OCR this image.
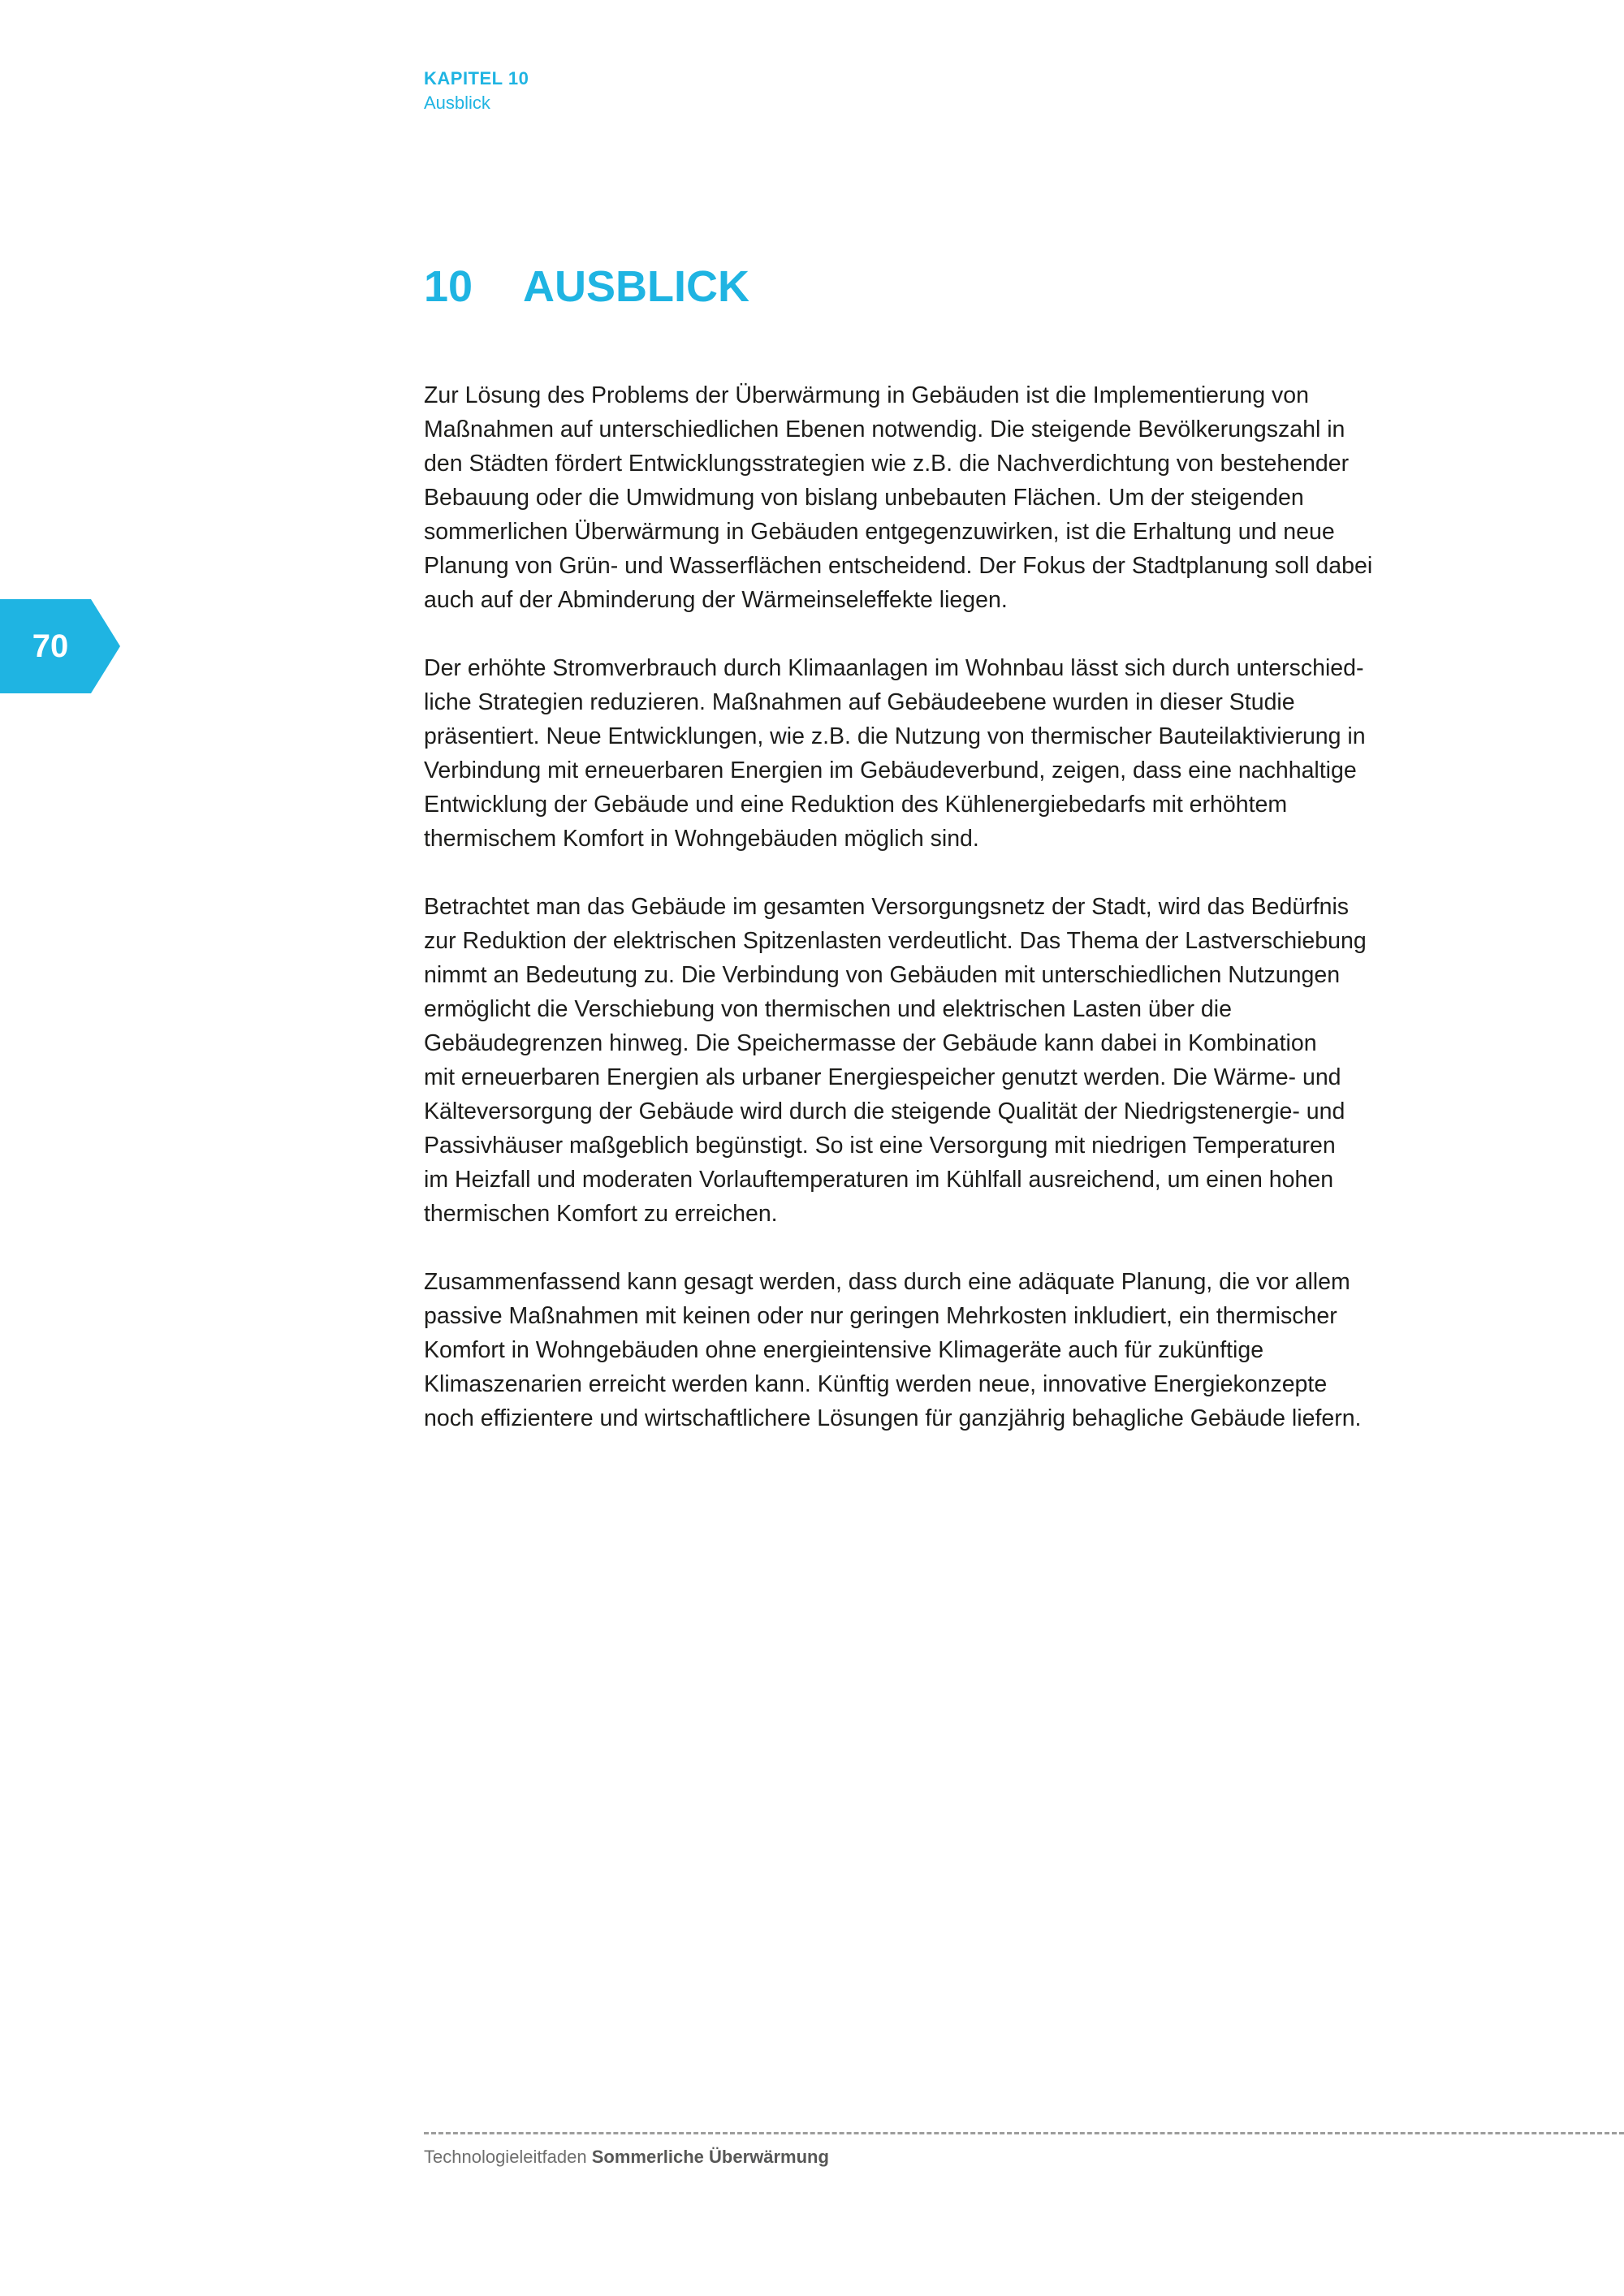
KAPITEL 10
Ausblick
10 AUSBLICK
70

Zur Lösung des Problems der Überwärmung in Gebäuden ist die Implementierung von
Maßnahmen auf unterschiedlichen Ebenen notwendig. Die steigende Bevölkerungszahl in
den Städten fördert Entwicklungsstrategien wie z.B. die Nachverdichtung von bestehender
Bebauung oder die Umwidmung von bislang unbebauten Flächen. Um der steigenden
sommerlichen Überwärmung in Gebäuden entgegenzuwirken, ist die Erhaltung und neue
Planung von Grün- und Wasserflächen entscheidend. Der Fokus der Stadtplanung soll dabei
auch auf der Abminderung der Wärmeinseleffekte liegen.

Der erhöhte Stromverbrauch durch Klimaanlagen im Wohnbau lässt sich durch unterschied-
liche Strategien reduzieren. Maßnahmen auf Gebäudeebene wurden in dieser Studie
präsentiert. Neue Entwicklungen, wie z.B. die Nutzung von thermischer Bauteilaktivierung in
Verbindung mit erneuerbaren Energien im Gebäudeverbund, zeigen, dass eine nachhaltige
Entwicklung der Gebäude und eine Reduktion des Kühlenergiebedarfs mit erhöhtem
thermischem Komfort in Wohngebäuden möglich sind.

Betrachtet man das Gebäude im gesamten Versorgungsnetz der Stadt, wird das Bedürfnis
zur Reduktion der elektrischen Spitzenlasten verdeutlicht. Das Thema der Lastverschiebung
nimmt an Bedeutung zu. Die Verbindung von Gebäuden mit unterschiedlichen Nutzungen
ermöglicht die Verschiebung von thermischen und elektrischen Lasten über die
Gebäudegrenzen hinweg. Die Speichermasse der Gebäude kann dabei in Kombination
mit erneuerbaren Energien als urbaner Energiespeicher genutzt werden. Die Wärme- und
Kälteversorgung der Gebäude wird durch die steigende Qualität der Niedrigstenergie- und
Passivhäuser maßgeblich begünstigt. So ist eine Versorgung mit niedrigen Temperaturen
im Heizfall und moderaten Vorlauftemperaturen im Kühlfall ausreichend, um einen hohen
thermischen Komfort zu erreichen.

Zusammenfassend kann gesagt werden, dass durch eine adäquate Planung, die vor allem
passive Maßnahmen mit keinen oder nur geringen Mehrkosten inkludiert, ein thermischer
Komfort in Wohngebäuden ohne energieintensive Klimageräte auch für zukünftige
Klimaszenarien erreicht werden kann. Künftig werden neue, innovative Energiekonzepte
noch effizientere und wirtschaftlichere Lösungen für ganzjährig behagliche Gebäude liefern.

Technologieleitfaden Sommerliche Überwärmung
